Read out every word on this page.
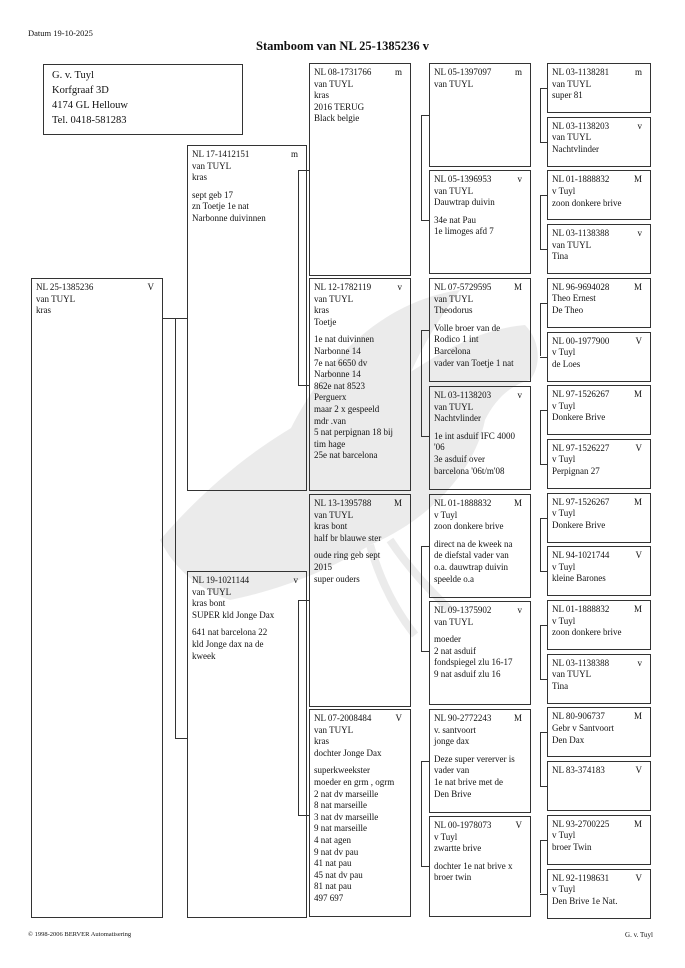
Datum 19-10-2025
Stamboom van NL 25-1385236 v
G. v. Tuyl
Korfgraaf 3D
4174 GL Hellouw
Tel. 0418-581283
NL 25-1385236	V
van TUYL
kras
NL 17-1412151	m
van TUYL
kras
sept geb 17
zn Toetje 1e nat
Narbonne duivinnen
NL 19-1021144	v
van TUYL
kras bont
SUPER kld Jonge Dax
641 nat barcelona 22
kld Jonge dax na de
kweek
NL 08-1731766	m
van TUYL
kras
2016 TERUG
Black belgie
NL 12-1782119	v
van TUYL
kras
Toetje
1e nat duivinnen
Narbonne 14
7e nat 6650 dv
Narbonne 14
862e nat 8523
Perguerx
maar 2 x gespeeld
mdr .van
5 nat perpignan 18 bij
tim hage
25e nat barcelona
NL 13-1395788	M
van TUYL
kras bont
half br blauwe ster
oude ring geb sept
2015
super ouders
NL 07-2008484	V
van TUYL
kras
dochter Jonge Dax
superkweekster
moeder en grm , ogrm
2 nat dv marseille
8 nat marseille
3 nat dv marseille
9 nat marseille
4 nat agen
9 nat dv pau
41 nat pau
45 nat dv pau
81 nat pau
497 697
NL 05-1397097	m
van TUYL
NL 05-1396953	v
van TUYL
Dauwtrap duivin
34e nat Pau
1e limoges afd 7
NL 07-5729595	M
van TUYL
Theodorus
Volle broer van de
Rodico 1 int
Barcelona
vader van Toetje 1 nat
NL 03-1138203	v
van TUYL
Nachtvlinder
1e int asduif IFC 4000
'06
3e asduif over
barcelona '06t/m'08
NL 01-1888832	M
v Tuyl
zoon donkere brive
direct na de kweek na
de diefstal vader van
o.a. dauwtrap duivin
speelde o.a
NL 09-1375902	v
van TUYL
moeder
2 nat asduif
fondspiegel zlu 16-17
9 nat asduif zlu 16
NL 90-2772243	M
v. santvoort
jonge dax
Deze super vererver is
vader van
1e nat brive met de
Den Brive
NL 00-1978073	V
v Tuyl
zwartte brive
dochter 1e nat brive x
broer twin
NL 03-1138281	m
van TUYL
super 81
NL 03-1138203	v
van TUYL
Nachtvlinder
NL 01-1888832	M
v Tuyl
zoon donkere brive
NL 03-1138388	v
van TUYL
Tina
NL 96-9694028	M
Theo Ernest
De Theo
NL 00-1977900	V
v Tuyl
de Loes
NL 97-1526267	M
v Tuyl
Donkere Brive
NL 97-1526227	V
v Tuyl
Perpignan 27
NL 97-1526267	M
v Tuyl
Donkere Brive
NL 94-1021744	V
v Tuyl
kleine Barones
NL 01-1888832	M
v Tuyl
zoon donkere brive
NL 03-1138388	v
van TUYL
Tina
NL 80-906737	M
Gebr v Santvoort
Den Dax
NL 83-374183	V
NL 93-2700225	M
v Tuyl
broer Twin
NL 92-1198631	V
v Tuyl
Den Brive 1e Nat.
© 1998-2006 BERVER Automatisering	G. v. Tuyl
